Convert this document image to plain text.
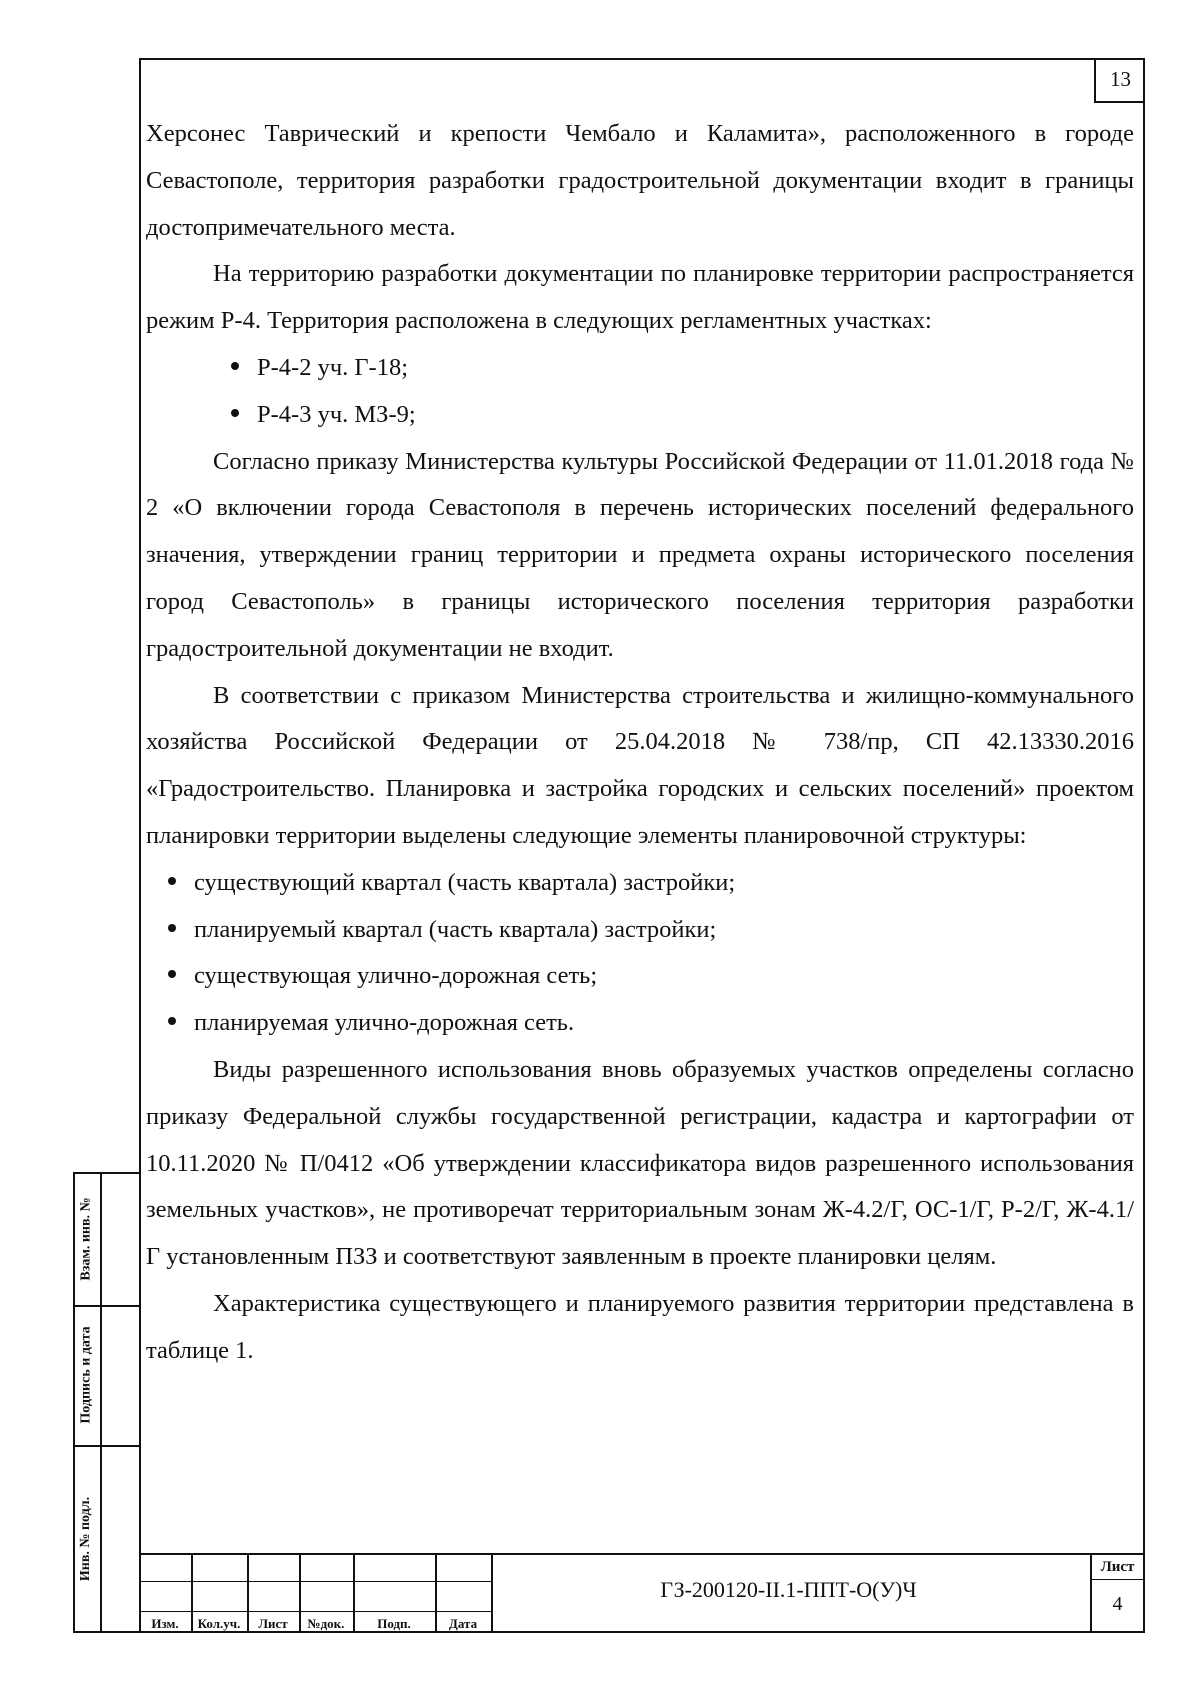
13

Херсонес Таврический и крепости Чембало и Каламита», расположенного в городе Севастополе, территория разработки градостроительной документации входит в границы достопримечательного места.

На территорию разработки документации по планировке территории распространяется режим Р-4. Территория расположена в следующих регламентных участках:

Р-4-2 уч. Г-18;

Р-4-3 уч. МЗ-9;

Согласно приказу Министерства культуры Российской Федерации от 11.01.2018 года № 2 «О включении города Севастополя в перечень исторических поселений федерального значения, утверждении границ территории и предмета охраны исторического поселения город Севастополь» в границы исторического поселения территория разработки градостроительной документации не входит.

В соответствии с приказом Министерства строительства и жилищно-коммунального хозяйства Российской Федерации от 25.04.2018 № 738/пр, СП 42.13330.2016 «Градостроительство. Планировка и застройка городских и сельских поселений» проектом планировки территории выделены следующие элементы планировочной структуры:

существующий квартал (часть квартала) застройки;

планируемый квартал (часть квартала) застройки;

существующая улично-дорожная сеть;

планируемая улично-дорожная сеть.

Виды разрешенного использования вновь образуемых участков определены согласно приказу Федеральной службы государственной регистрации, кадастра и картографии от 10.11.2020 № П/0412 «Об утверждении классификатора видов разрешенного использования земельных участков», не противоречат территориальным зонам Ж-4.2/Г, ОС-1/Г, Р-2/Г, Ж-4.1/Г установленным ПЗЗ и соответствуют заявленным в проекте планировки целям.

Характеристика существующего и планируемого развития территории представлена в таблице 1.

Взам. инв. №
Подпись и дата
Инв. № подл.
Изм.	Кол.уч.	Лист	№док.	Подп.	Дата
ГЗ-200120-II.1-ППТ-О(У)Ч
Лист
4
